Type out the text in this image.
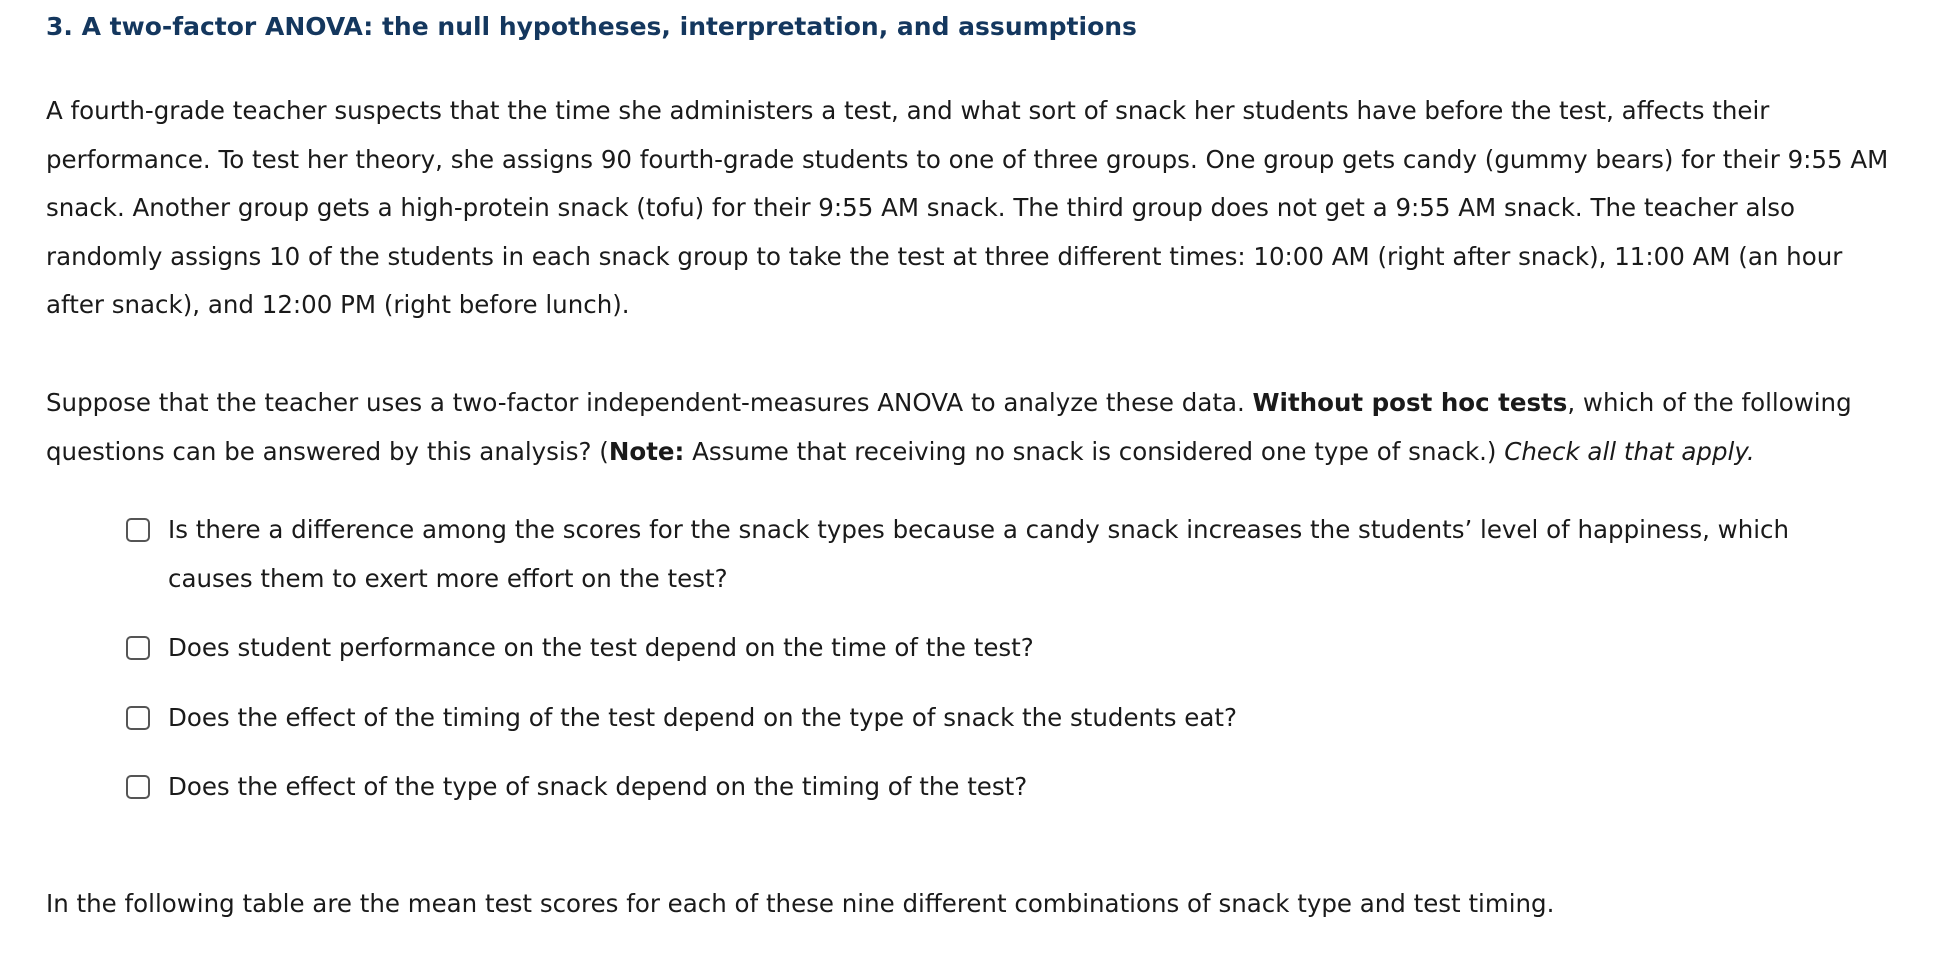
3. A two-factor ANOVA: the null hypotheses, interpretation, and assumptions

A fourth-grade teacher suspects that the time she administers a test, and what sort of snack her students have before the test, affects their performance. To test her theory, she assigns 90 fourth-grade students to one of three groups. One group gets candy (gummy bears) for their 9:55 AM snack. Another group gets a high-protein snack (tofu) for their 9:55 AM snack. The third group does not get a 9:55 AM snack. The teacher also randomly assigns 10 of the students in each snack group to take the test at three different times: 10:00 AM (right after snack), 11:00 AM (an hour after snack), and 12:00 PM (right before lunch).

Suppose that the teacher uses a two-factor independent-measures ANOVA to analyze these data. Without post hoc tests, which of the following questions can be answered by this analysis? (Note: Assume that receiving no snack is considered one type of snack.) Check all that apply.

Is there a difference among the scores for the snack types because a candy snack increases the students’ level of happiness, which causes them to exert more effort on the test?
Does student performance on the test depend on the time of the test?
Does the effect of the timing of the test depend on the type of snack the students eat?
Does the effect of the type of snack depend on the timing of the test?

In the following table are the mean test scores for each of these nine different combinations of snack type and test timing.
